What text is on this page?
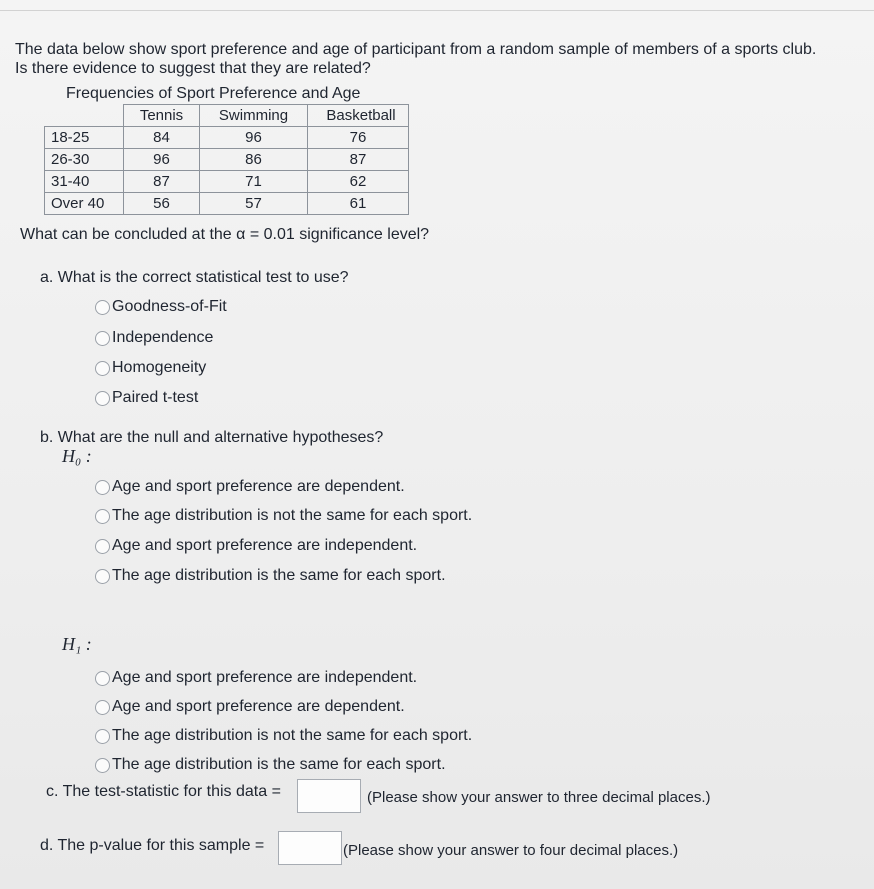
The data below show sport preference and age of participant from a random sample of members of a sports club. Is there evidence to suggest that they are related?
Frequencies of Sport Preference and Age
	Tennis	Swimming	Basketball
18-25	84	96	76
26-30	96	86	87
31-40	87	71	62
Over 40	56	57	61
What can be concluded at the α = 0.01 significance level?
a. What is the correct statistical test to use?
Goodness-of-Fit
Independence
Homogeneity
Paired t-test
b. What are the null and alternative hypotheses?
H₀ :
Age and sport preference are dependent.
The age distribution is not the same for each sport.
Age and sport preference are independent.
The age distribution is the same for each sport.
H₁ :
Age and sport preference are independent.
Age and sport preference are dependent.
The age distribution is not the same for each sport.
The age distribution is the same for each sport.
c. The test-statistic for this data =	(Please show your answer to three decimal places.)
d. The p-value for this sample =	(Please show your answer to four decimal places.)
